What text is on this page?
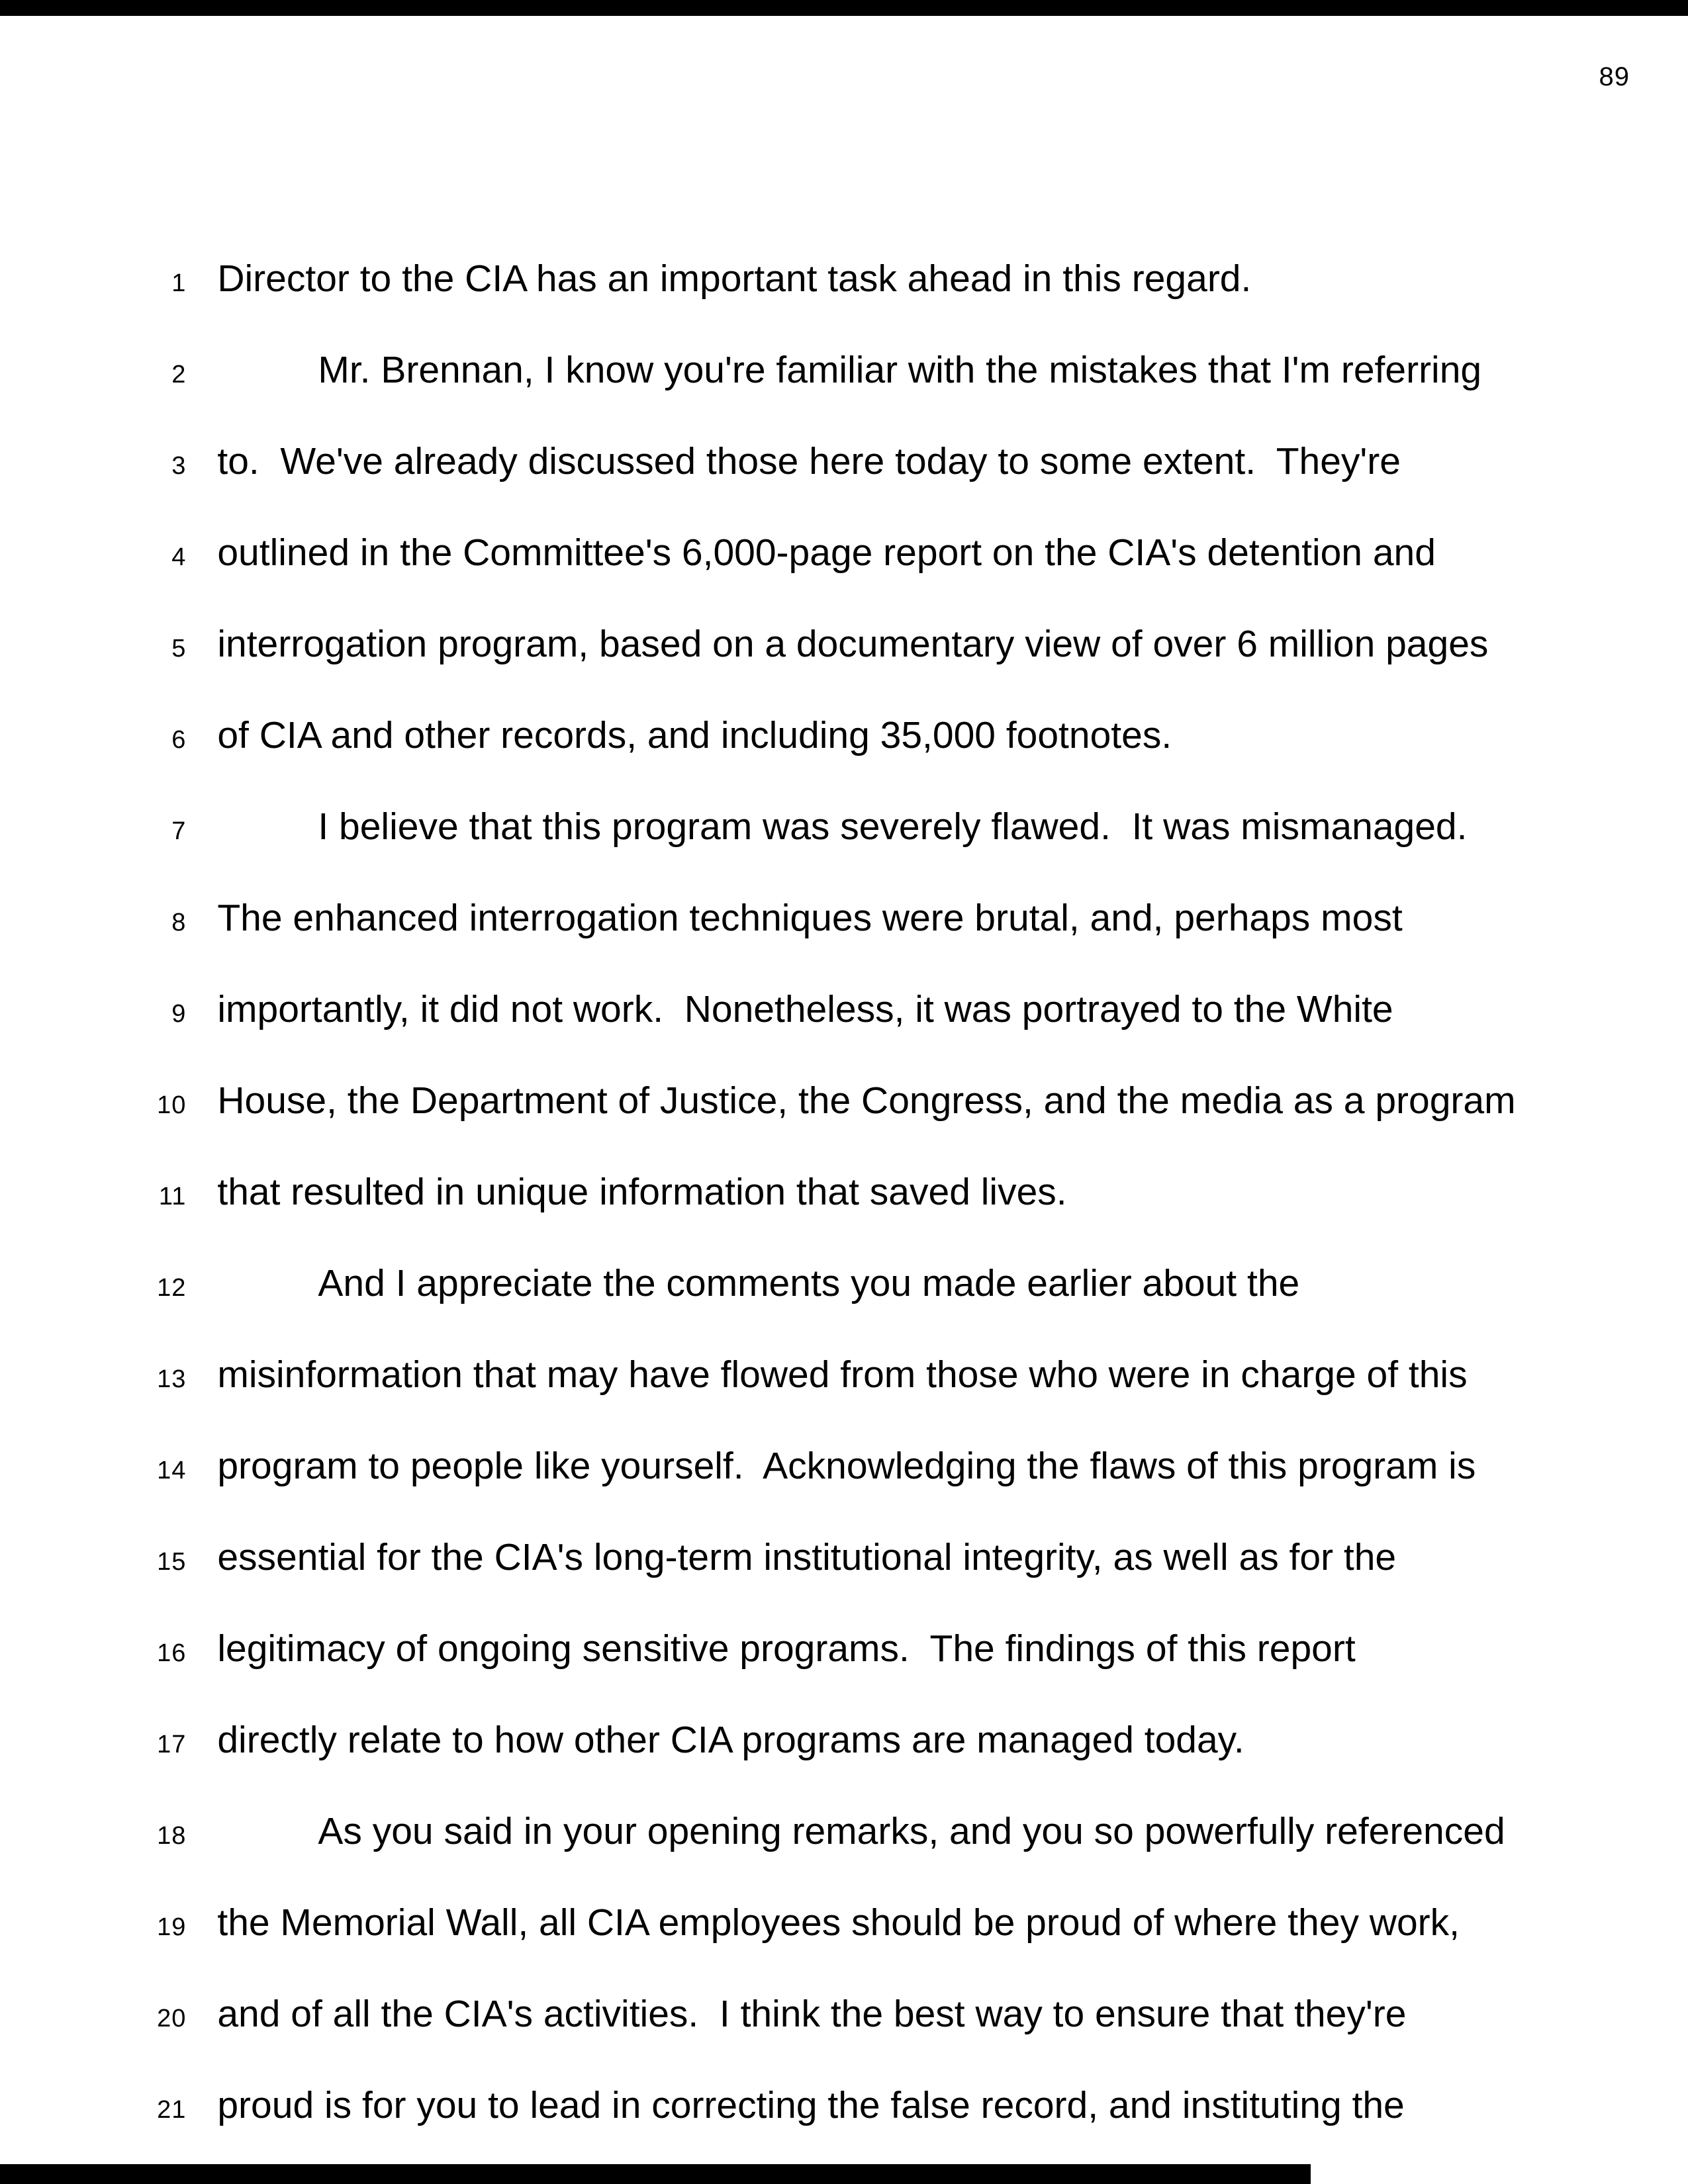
89

1 Director to the CIA has an important task ahead in this regard.

2	Mr. Brennan, I know you're familiar with the mistakes that I'm referring

3 to.  We've already discussed those here today to some extent.  They're

4 outlined in the Committee's 6,000-page report on the CIA's detention and

5 interrogation program, based on a documentary view of over 6 million pages

6 of CIA and other records, and including 35,000 footnotes.

7	I believe that this program was severely flawed.  It was mismanaged.

8 The enhanced interrogation techniques were brutal, and, perhaps most

9 importantly, it did not work.  Nonetheless, it was portrayed to the White

10 House, the Department of Justice, the Congress, and the media as a program

11 that resulted in unique information that saved lives.

12	And I appreciate the comments you made earlier about the

13 misinformation that may have flowed from those who were in charge of this

14 program to people like yourself.  Acknowledging the flaws of this program is

15 essential for the CIA's long-term institutional integrity, as well as for the

16 legitimacy of ongoing sensitive programs.  The findings of this report

17 directly relate to how other CIA programs are managed today.

18	As you said in your opening remarks, and you so powerfully referenced

19 the Memorial Wall, all CIA employees should be proud of where they work,

20 and of all the CIA's activities.  I think the best way to ensure that they're

21 proud is for you to lead in correcting the false record, and instituting the
